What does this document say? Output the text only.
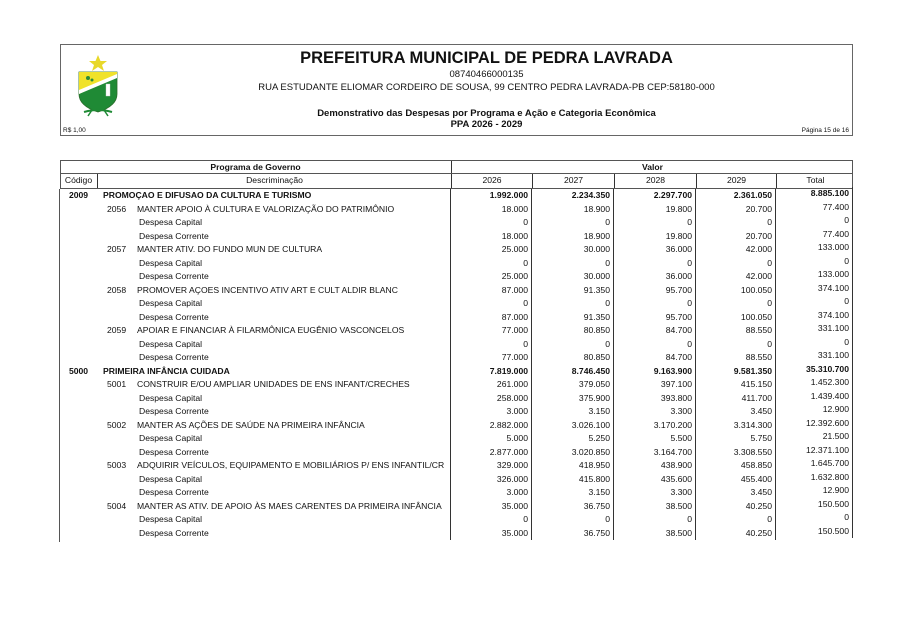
PREFEITURA MUNICIPAL DE PEDRA LAVRADA
08740466000135
RUA ESTUDANTE ELIOMAR CORDEIRO DE SOUSA, 99 CENTRO PEDRA LAVRADA-PB CEP:58180-000
Demonstrativo das Despesas por Programa e Ação e Categoria Econômica
PPA 2026 - 2029
R$ 1,00	Página 15 de 16
Programa de Governo	Valor
Código	Descriminação	2026	2027	2028	2029	Total
2009	PROMOÇAO E DIFUSAO DA CULTURA E TURISMO	1.992.000	2.234.350	2.297.700	2.361.050	8.885.100
2056 MANTER APOIO À CULTURA E VALORIZAÇÃO DO PATRIMÔNIO	18.000	18.900	19.800	20.700	77.400
Despesa Capital	0	0	0	0	0
Despesa Corrente	18.000	18.900	19.800	20.700	77.400
2057 MANTER ATIV. DO FUNDO MUN DE CULTURA	25.000	30.000	36.000	42.000	133.000
Despesa Capital	0	0	0	0	0
Despesa Corrente	25.000	30.000	36.000	42.000	133.000
2058 PROMOVER AÇOES INCENTIVO ATIV ART E CULT ALDIR BLANC	87.000	91.350	95.700	100.050	374.100
Despesa Capital	0	0	0	0	0
Despesa Corrente	87.000	91.350	95.700	100.050	374.100
2059 APOIAR E FINANCIAR À FILARMÔNICA EUGÊNIO VASCONCELOS	77.000	80.850	84.700	88.550	331.100
Despesa Capital	0	0	0	0	0
Despesa Corrente	77.000	80.850	84.700	88.550	331.100
5000	PRIMEIRA INFÂNCIA CUIDADA	7.819.000	8.746.450	9.163.900	9.581.350	35.310.700
5001 CONSTRUIR E/OU AMPLIAR UNIDADES DE ENS INFANT/CRECHES	261.000	379.050	397.100	415.150	1.452.300
Despesa Capital	258.000	375.900	393.800	411.700	1.439.400
Despesa Corrente	3.000	3.150	3.300	3.450	12.900
5002 MANTER AS AÇÕES DE SAÚDE NA PRIMEIRA INFÂNCIA	2.882.000	3.026.100	3.170.200	3.314.300	12.392.600
Despesa Capital	5.000	5.250	5.500	5.750	21.500
Despesa Corrente	2.877.000	3.020.850	3.164.700	3.308.550	12.371.100
5003 ADQUIRIR VEÍCULOS, EQUIPAMENTO E MOBILIÁRIOS P/ ENS INFANTIL/CR	329.000	418.950	438.900	458.850	1.645.700
Despesa Capital	326.000	415.800	435.600	455.400	1.632.800
Despesa Corrente	3.000	3.150	3.300	3.450	12.900
5004 MANTER AS ATIV. DE APOIO ÀS MAES CARENTES DA PRIMEIRA INFÂNCIA	35.000	36.750	38.500	40.250	150.500
Despesa Capital	0	0	0	0	0
Despesa Corrente	35.000	36.750	38.500	40.250	150.500
